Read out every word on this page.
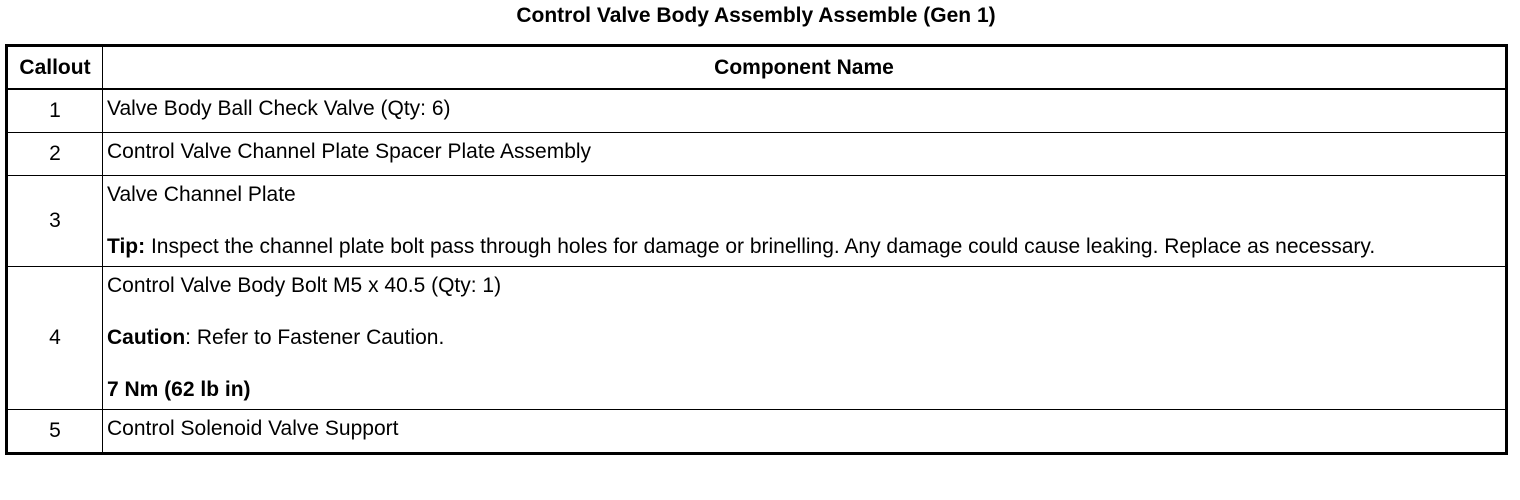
Control Valve Body Assembly Assemble (Gen 1)
Callout	Component Name
1	Valve Body Ball Check Valve (Qty: 6)

2	Control Valve Channel Plate Spacer Plate Assembly

3	Valve Channel Plate

Tip: Inspect the channel plate bolt pass through holes for damage or brinelling. Any damage could cause leaking. Replace as necessary.

4	Control Valve Body Bolt M5 x 40.5 (Qty: 1)

Caution: Refer to Fastener Caution.

7 Nm (62 lb in)

5	Control Solenoid Valve Support
